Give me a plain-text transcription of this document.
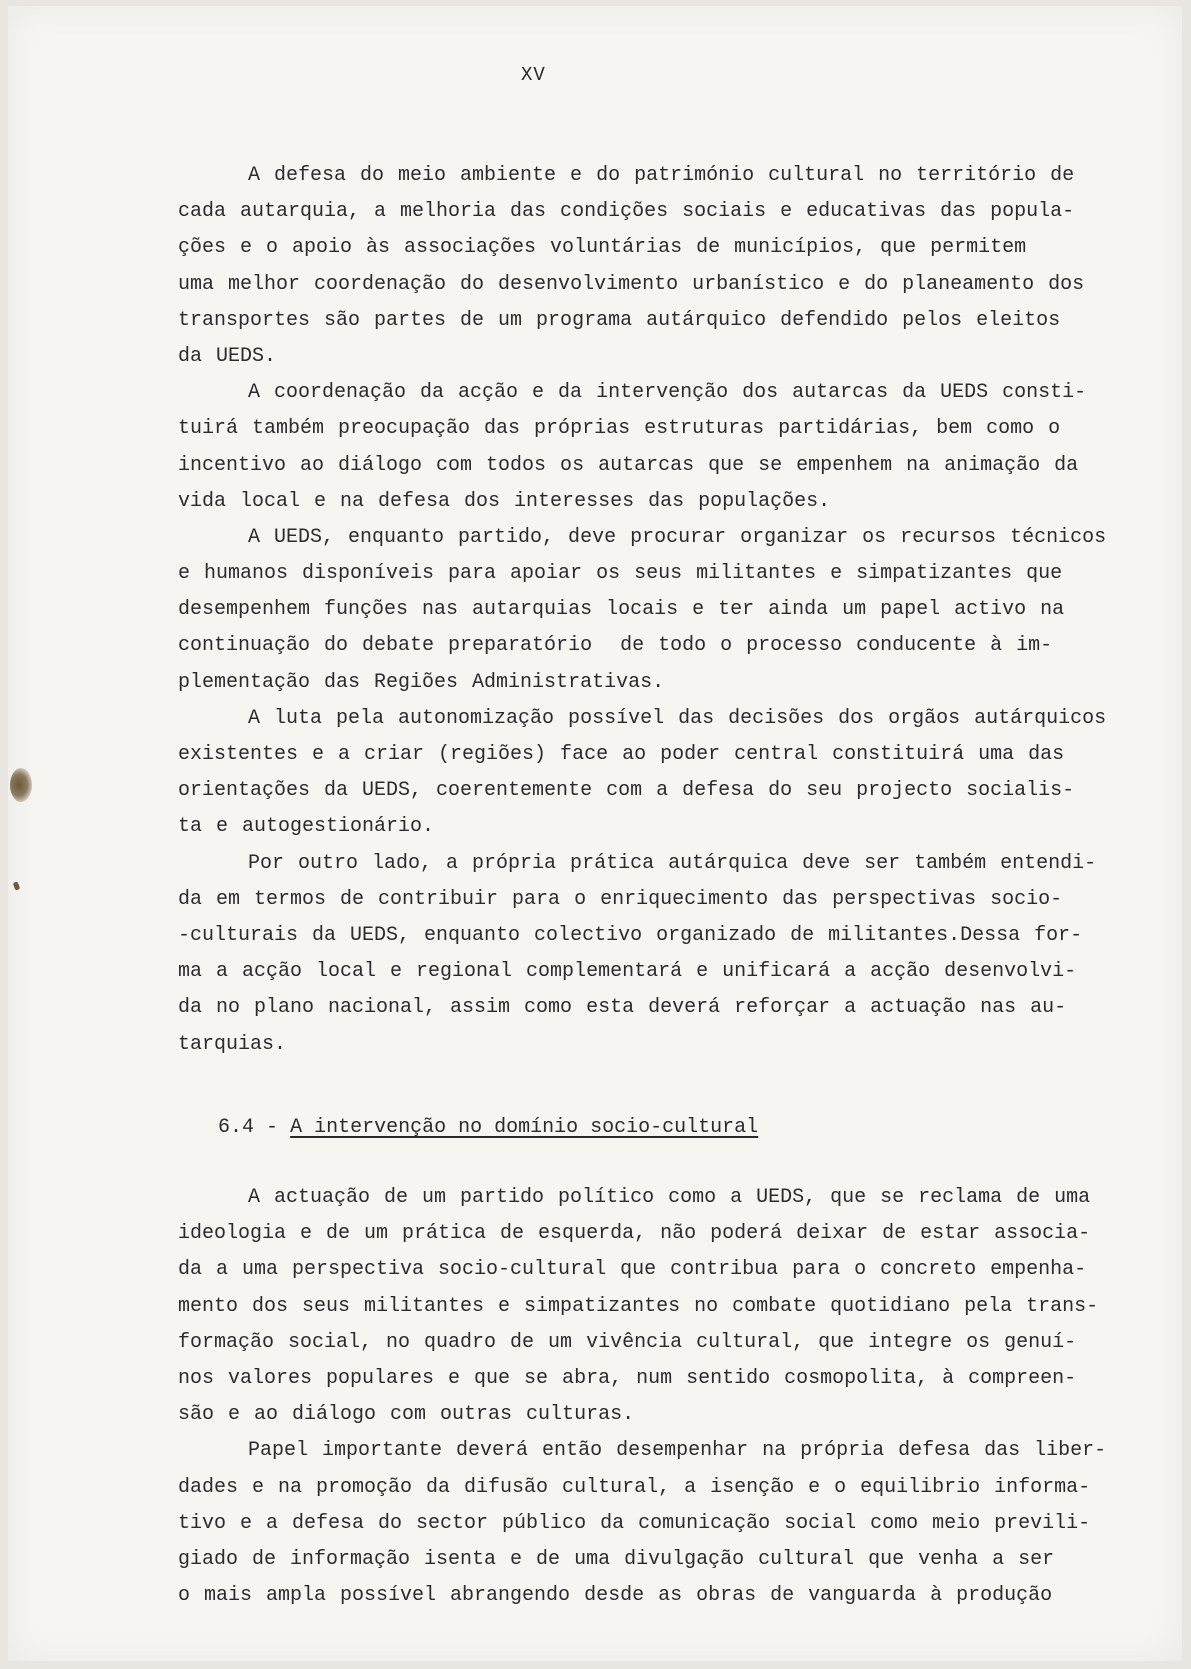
XV
A defesa do meio ambiente e do património cultural no território de
cada autarquia, a melhoria das condições sociais e educativas das popula-
ções e o apoio às associações voluntárias de municípios, que permitem
uma melhor coordenação do desenvolvimento urbanístico e do planeamento dos
transportes são partes de um programa autárquico defendido pelos eleitos
da UEDS.
A coordenação da acção e da intervenção dos autarcas da UEDS consti-
tuirá também preocupação das próprias estruturas partidárias, bem como o
incentivo ao diálogo com todos os autarcas que se empenhem na animação da
vida local e na defesa dos interesses das populações.
A UEDS, enquanto partido, deve procurar organizar os recursos técnicos
e humanos disponíveis para apoiar os seus militantes e simpatizantes que
desempenhem funções nas autarquias locais e ter ainda um papel activo na
continuação do debate preparatório  de todo o processo conducente à im-
plementação das Regiões Administrativas.
A luta pela autonomização possível das decisões dos orgãos autárquicos
existentes e a criar (regiões) face ao poder central constituirá uma das
orientações da UEDS, coerentemente com a defesa do seu projecto socialis-
ta e autogestionário.
Por outro lado, a própria prática autárquica deve ser também entendi-
da em termos de contribuir para o enriquecimento das perspectivas socio-
-culturais da UEDS, enquanto colectivo organizado de militantes.Dessa for-
ma a acção local e regional complementará e unificará a acção desenvolvi-
da no plano nacional, assim como esta deverá reforçar a actuação nas au-
tarquias.
6.4 - A intervenção no domínio socio-cultural
A actuação de um partido político como a UEDS, que se reclama de uma
ideologia e de um prática de esquerda, não poderá deixar de estar associa-
da a uma perspectiva socio-cultural que contribua para o concreto empenha-
mento dos seus militantes e simpatizantes no combate quotidiano pela trans-
formação social, no quadro de um vivência cultural, que integre os genuí-
nos valores populares e que se abra, num sentido cosmopolita, à compreen-
são e ao diálogo com outras culturas.
Papel importante deverá então desempenhar na própria defesa das liber-
dades e na promoção da difusão cultural, a isenção e o equilibrio informa-
tivo e a defesa do sector público da comunicação social como meio previli-
giado de informação isenta e de uma divulgação cultural que venha a ser
o mais ampla possível abrangendo desde as obras de vanguarda à produção
